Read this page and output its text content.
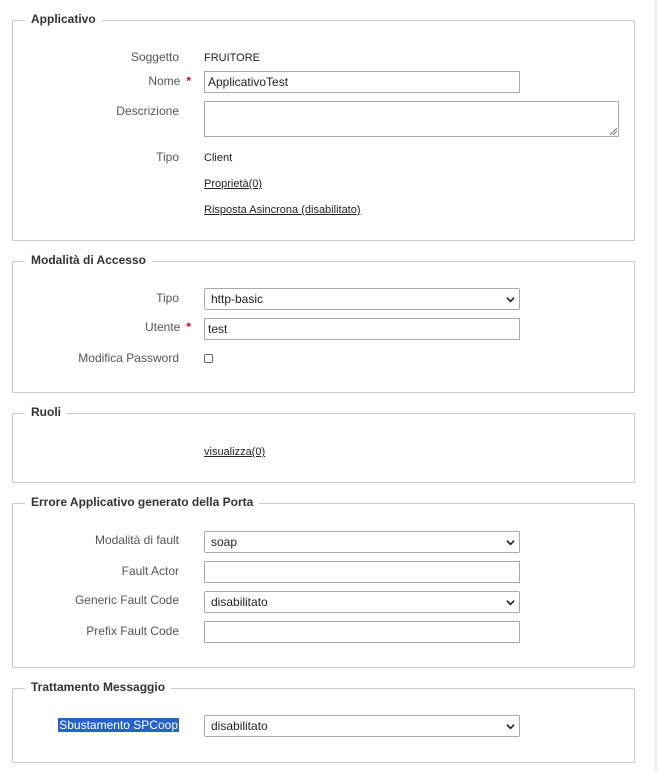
Applicativo
Soggetto FRUITORE
Nome *
ApplicativoTest
Descrizione
Tipo Client
Proprietà(0)
Risposta Asincrona (disabilitato)
Modalità di Accesso
Tipo	http-basic
Utente *
test
Modifica Password
Ruoli
visualizza(0)
Errore Applicativo generato della Porta
Modalità di fault	soap
Fault Actor
Generic Fault Code	disabilitato
Prefix Fault Code
Trattamento Messaggio
Sbustamento SPCoop	disabilitato
